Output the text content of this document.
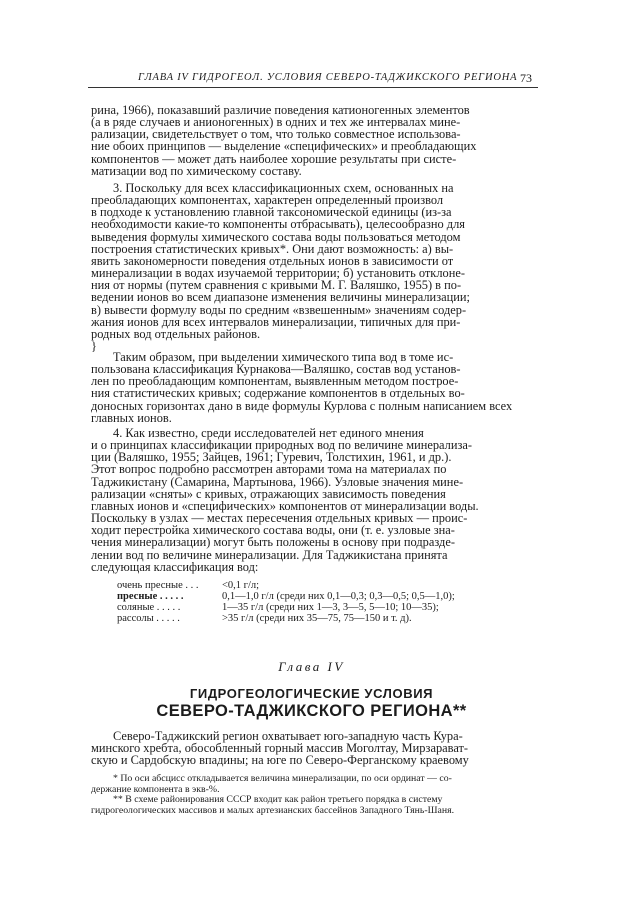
ГЛАВА IV ГИДРОГЕОЛ. УСЛОВИЯ СЕВЕРО-ТАДЖИКСКОГО РЕГИОНА 73

рина, 1966), показавший различие поведения катионогенных элементов

(а в ряде случаев и анионогенных) в одних и тех же интервалах мине-

рализации, свидетельствует о том, что только совместное использова-

ние обоих принципов — выделение «специфических» и преобладающих

компонентов — может дать наиболее хорошие результаты при систе-

матизации вод по химическому составу.

3. Поскольку для всех классификационных схем, основанных на

преобладающих компонентах, характерен определенный произвол

в подходе к установлению главной таксономической единицы (из-за

необходимости какие-то компоненты отбрасывать), целесообразно для

выведения формулы химического состава воды пользоваться методом

построения статистических кривых*. Они дают возможность: а) вы-

явить закономерности поведения отдельных ионов в зависимости от

минерализации в водах изучаемой территории; б) установить отклоне-

ния от нормы (путем сравнения с кривыми М. Г. Валяшко, 1955) в по-

ведении ионов во всем диапазоне изменения величины минерализации;

в) вывести формулу воды по средним «взвешенным» значениям содер-

жания ионов для всех интервалов минерализации, типичных для при-

родных вод отдельных районов.

}

Таким образом, при выделении химического типа вод в томе ис-

пользована классификация Курнакова—Валяшко, состав вод установ-

лен по преобладающим компонентам, выявленным методом построе-

ния статистических кривых; содержание компонентов в отдельных во-

доносных горизонтах дано в виде формулы Курлова с полным написанием всех

главных ионов.

4. Как известно, среди исследователей нет единого мнения

и о принципах классификации природных вод по величине минерализа-

ции (Валяшко, 1955; Зайцев, 1961; Гуревич, Толстихин, 1961, и др.).

Этот вопрос подробно рассмотрен авторами тома на материалах по

Таджикистану (Самарина, Мартынова, 1966). Узловые значения мине-

рализации «сняты» с кривых, отражающих зависимость поведения

главных ионов и «специфических» компонентов от минерализации воды.

Поскольку в узлах — местах пересечения отдельных кривых — проис-

ходит перестройка химического состава воды, они (т. е. узловые зна-

чения минерализации) могут быть положены в основу при подразде-

лении вод по величине минерализации. Для Таджикистана принята

следующая классификация вод:

очень пресные . . .	<0,1 г/л;
пресные . . . . .	0,1—1,0 г/л (среди них 0,1—0,3; 0,3—0,5; 0,5—1,0);
соляные . . . . .	1—35 г/л (среди них 1—3, 3—5, 5—10; 10—35);
рассолы . . . . .	>35 г/л (среди них 35—75, 75—150 и т. д).
Глава IV
ГИДРОГЕОЛОГИЧЕСКИЕ УСЛОВИЯ
СЕВЕРО-ТАДЖИКСКОГО РЕГИОНА**

Северо-Таджикский регион охватывает юго-западную часть Кура-

минского хребта, обособленный горный массив Моголтау, Мирзарават-

скую и Сардобскую впадины; на юге по Северо-Ферганскому краевому

* По оси абсцисс откладывается величина минерализации, по оси ординат — со-

держание компонента в экв-%.

** В схеме районирования СССР входит как район третьего порядка в систему

гидрогеологических массивов и малых артезианских бассейнов Западного Тянь-Шаня.
